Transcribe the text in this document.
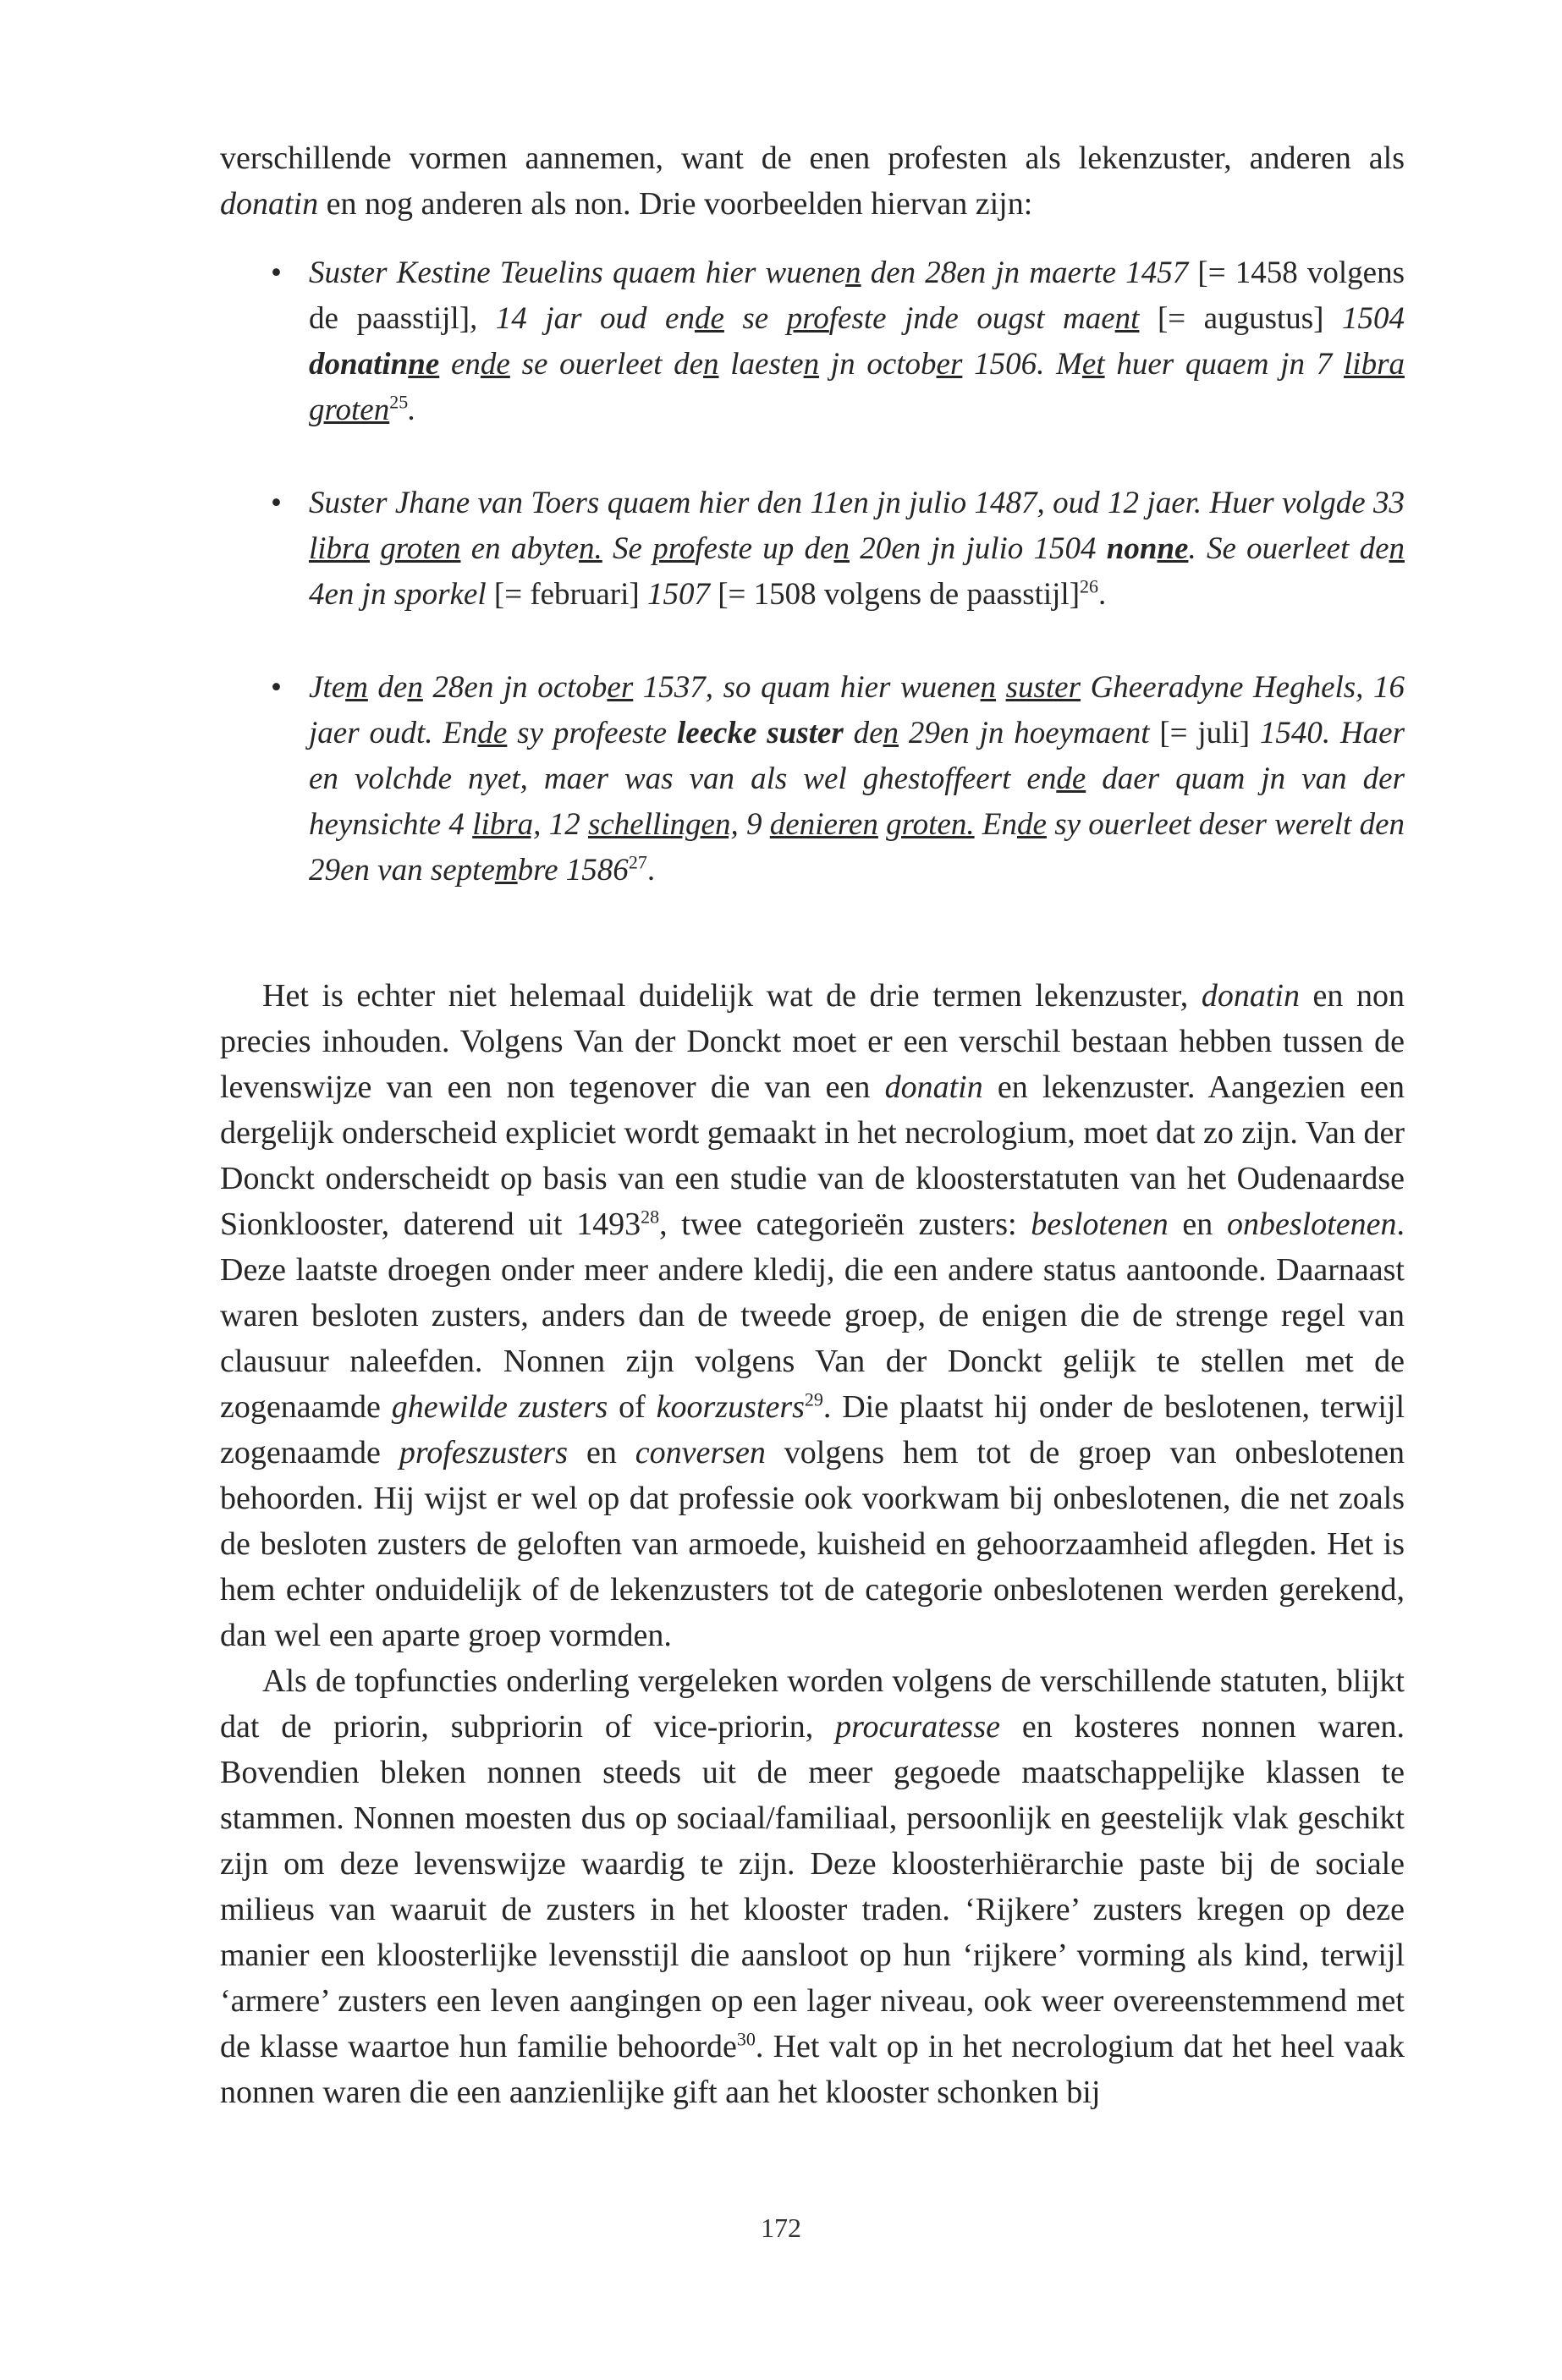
verschillende vormen aannemen, want de enen profesten als lekenzuster, anderen als donatin en nog anderen als non. Drie voorbeelden hiervan zijn:

• Suster Kestine Teuelins quaem hier wuenen den 28en jn maerte 1457 [= 1458 volgens de paasstijl], 14 jar oud ende se profeste jnde ougst maent [= augustus] 1504 donatinne ende se ouerleet den laesten jn october 1506. Met huer quaem jn 7 libra groten$^{25}$.
• Suster Jhane van Toers quaem hier den 11en jn julio 1487, oud 12 jaer. Huer volgde 33 libra groten en abyten. Se profeste up den 20en jn julio 1504 nonne. Se ouerleet den 4en jn sporkel [= februari] 1507 [= 1508 volgens de paasstijl]$^{26}$.
• Jtem den 28en jn october 1537, so quam hier wuenen suster Gheeradyne Heghels, 16 jaer oudt. Ende sy profeeste leecke suster den 29en jn hoeymaent [= juli] 1540. Haer en volchde nyet, maer was van als wel ghestoffeert ende daer quam jn van der heynsichte 4 libra, 12 schellingen, 9 denieren groten. Ende sy ouerleet deser werelt den 29en van septembre 1586$^{27}$.

Het is echter niet helemaal duidelijk wat de drie termen lekenzuster, donatin en non precies inhouden. Volgens Van der Donckt moet er een verschil bestaan hebben tussen de levenswijze van een non tegenover die van een donatin en lekenzuster. Aangezien een dergelijk onderscheid expliciet wordt gemaakt in het necrologium, moet dat zo zijn. Van der Donckt onderscheidt op basis van een studie van de kloosterstatuten van het Oudenaardse Sionklooster, daterend uit 1493$^{28}$, twee categorieën zusters: beslotenen en onbeslotenen. Deze laatste droegen onder meer andere kledij, die een andere status aantoonde. Daarnaast waren besloten zusters, anders dan de tweede groep, de enigen die de strenge regel van clausuur naleefden. Nonnen zijn volgens Van der Donckt gelijk te stellen met de zogenaamde ghewilde zusters of koorzusters$^{29}$. Die plaatst hij onder de beslotenen, terwijl zogenaamde profeszusters en conversen volgens hem tot de groep van onbeslotenen behoorden. Hij wijst er wel op dat professie ook voorkwam bij onbeslotenen, die net zoals de besloten zusters de geloften van armoede, kuisheid en gehoorzaamheid aflegden. Het is hem echter onduidelijk of de lekenzusters tot de categorie onbeslotenen werden gerekend, dan wel een aparte groep vormden.

Als de topfuncties onderling vergeleken worden volgens de verschillende statuten, blijkt dat de priorin, subpriorin of vice-priorin, procuratesse en kosteres nonnen waren. Bovendien bleken nonnen steeds uit de meer gegoede maatschappelijke klassen te stammen. Nonnen moesten dus op sociaal/familiaal, persoonlijk en geestelijk vlak geschikt zijn om deze levenswijze waardig te zijn. Deze kloosterhiërarchie paste bij de sociale milieus van waaruit de zusters in het klooster traden. ‘Rijkere’ zusters kregen op deze manier een kloosterlijke levensstijl die aansloot op hun ‘rijkere’ vorming als kind, terwijl ‘armere’ zusters een leven aangingen op een lager niveau, ook weer overeenstemmend met de klasse waartoe hun familie behoorde$^{30}$. Het valt op in het necrologium dat het heel vaak nonnen waren die een aanzienlijke gift aan het klooster schonken bij

172
